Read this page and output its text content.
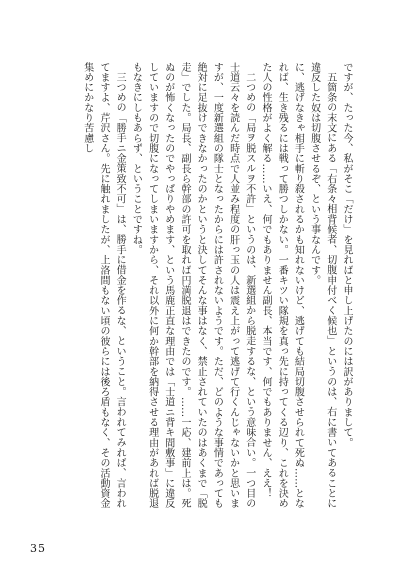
ですが、たった今、私がそこ「だけ」を見ればと申し上げたのには訳がありまして。

五箇条の末文にある「右条々相背候者、切腹申付べく候也」というのは、右に書いてあることに違反した奴は切腹させるぞ、という事なんです。

に、逃げなきゃ相手に斬り殺されるかも知れないけど、逃げても結局切腹させられて死ぬ……となれば、生き残るには戦って勝つしかない。一番キツい隊規を真っ先に持ってくる辺り、これを決めた人の性格がよく解る……いえ、何でもありません副長、本当です、何でもありません、ええ！

二つめの「局ヲ脱スルヲ不許」というのは、新選組から脱走するな、という意味合い。一つ目の士道云々を読んだ時点で人並み程度の肝っ玉の人は震え上がって逃げて行くんじゃないかと思いますが、一度新選組の隊士となったからには許されないようです。ただ、どのような事情であっても絶対に足抜けできなかったのかというと決してそんな事はなく、禁止されていたのはあくまで「脱走」でした。局長、副長ら幹部の許可を取れば円満脱退はできたのです。……一応、建前上は。死ぬのが怖くなったのでやっぱりやめます、という馬鹿正直な理由では「士道ニ背キ間敷事」に違反していますので切腹になってしまいますから、それ以外に何か幹部を納得させる理由があれば脱退もなきにしもあらず、ということですね。

三つめの「勝手ニ金策致不可」は、勝手に借金を作るな、ということ。言われてみれば、言われてますよ、芹沢さん。先に触れましたが、上洛間もない頃の彼らには後ろ盾もなく、その活動資金集めにかなり苦慮し

35
